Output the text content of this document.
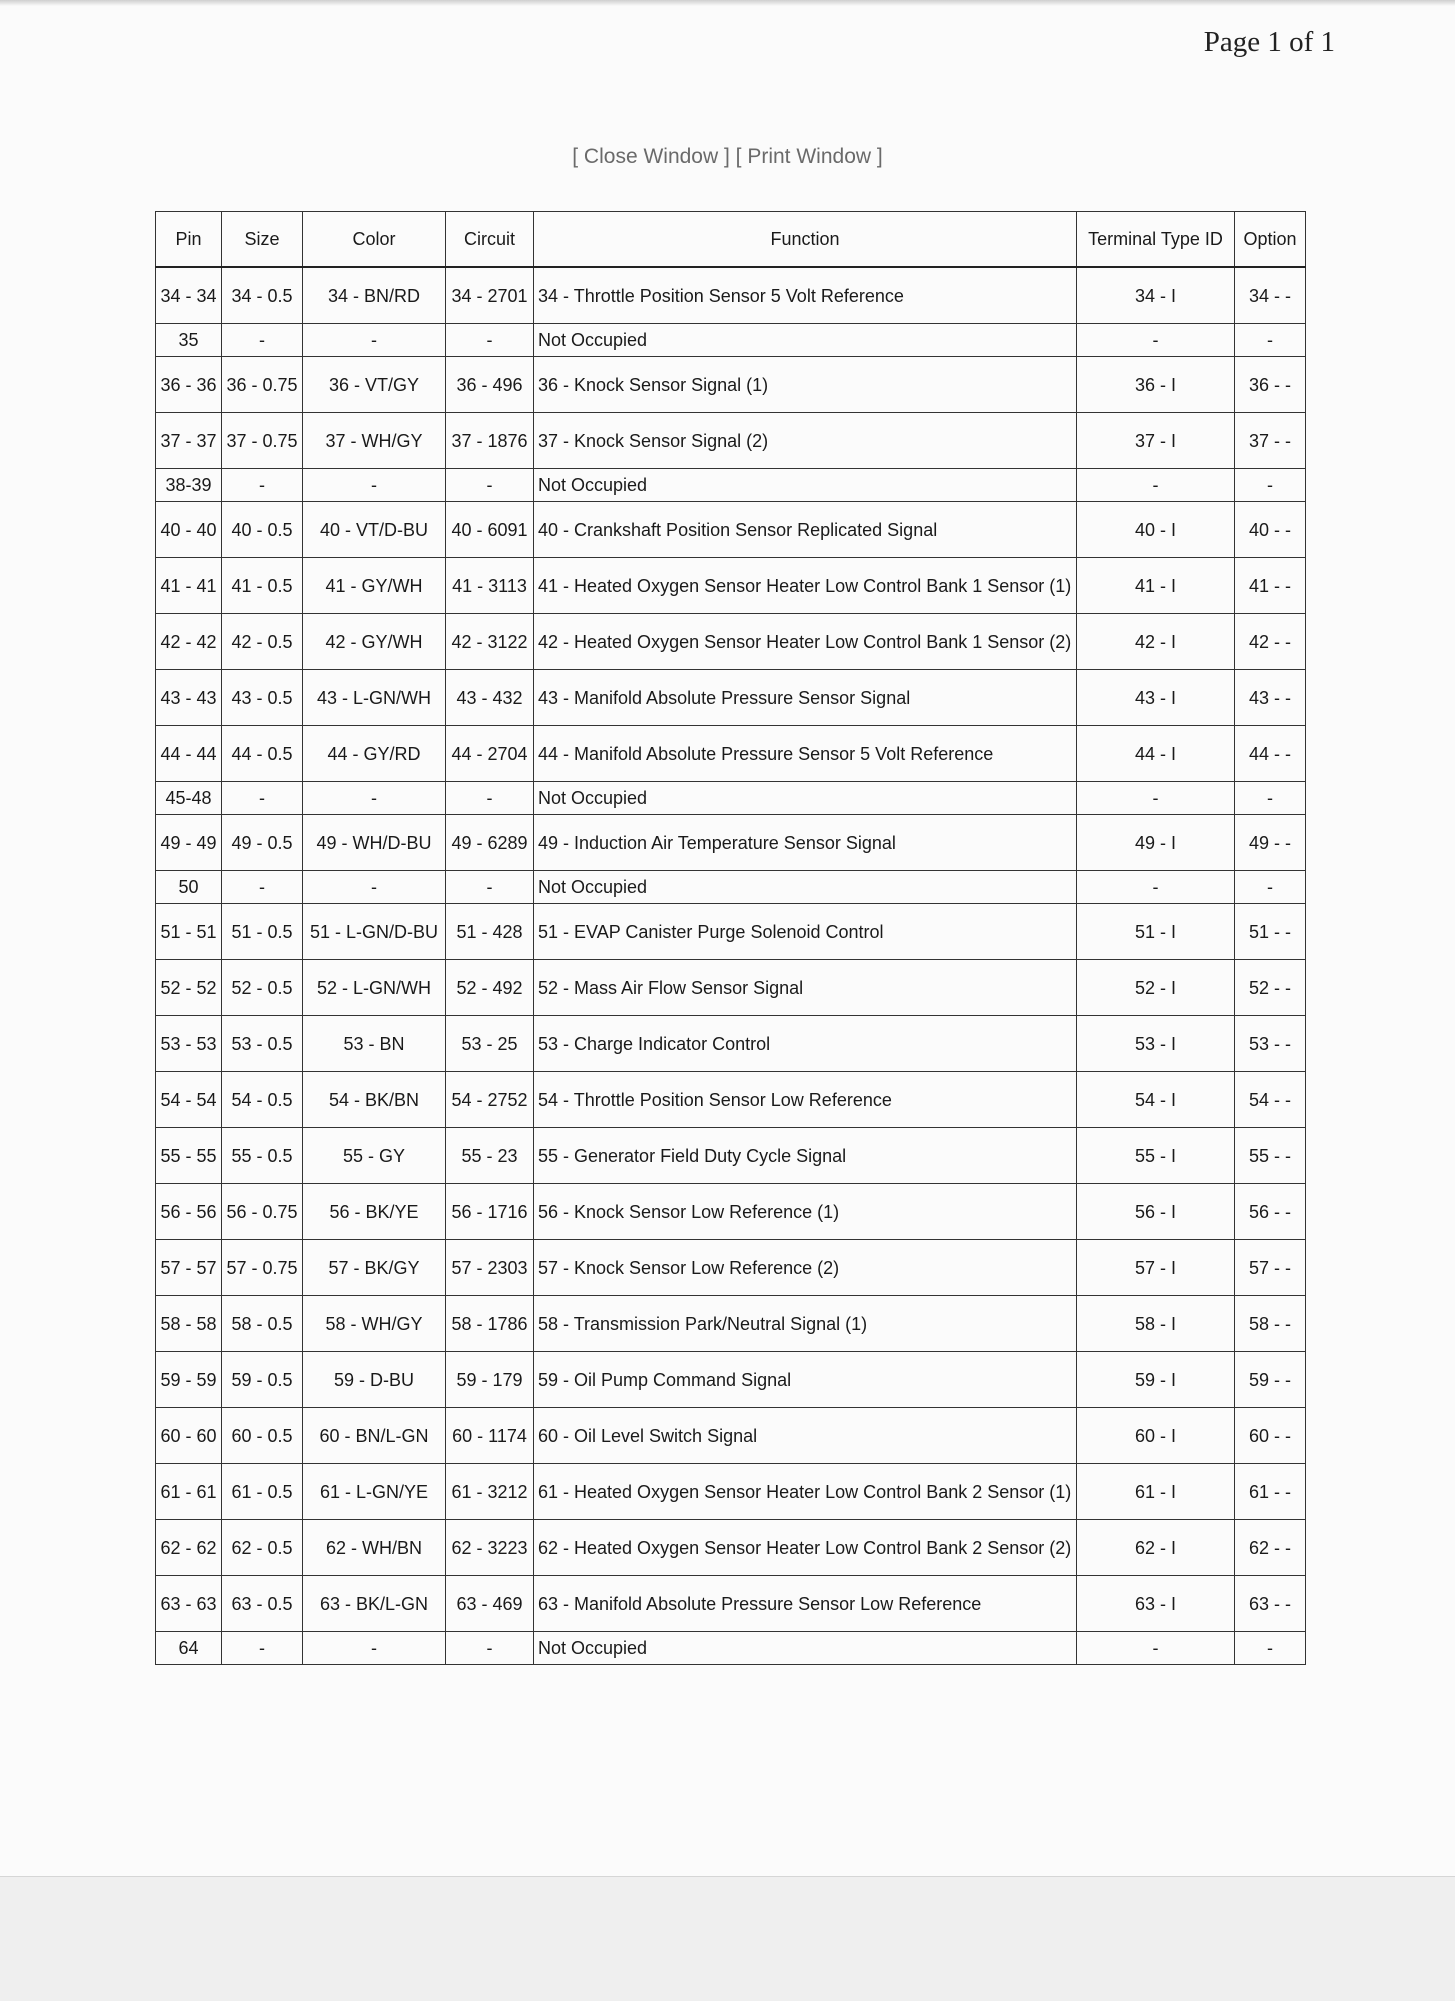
Page 1 of 1
[ Close Window ] [ Print Window ]
Pin	Size	Color	Circuit	Function	Terminal Type ID	Option
34 - 34	34 - 0.5	34 - BN/RD	34 - 2701	34 - Throttle Position Sensor 5 Volt Reference	34 - I	34 - -
35	-	-	-	Not Occupied	-	-
36 - 36	36 - 0.75	36 - VT/GY	36 - 496	36 - Knock Sensor Signal (1)	36 - I	36 - -
37 - 37	37 - 0.75	37 - WH/GY	37 - 1876	37 - Knock Sensor Signal (2)	37 - I	37 - -
38-39	-	-	-	Not Occupied	-	-
40 - 40	40 - 0.5	40 - VT/D-BU	40 - 6091	40 - Crankshaft Position Sensor Replicated Signal	40 - I	40 - -
41 - 41	41 - 0.5	41 - GY/WH	41 - 3113	41 - Heated Oxygen Sensor Heater Low Control Bank 1 Sensor (1)	41 - I	41 - -
42 - 42	42 - 0.5	42 - GY/WH	42 - 3122	42 - Heated Oxygen Sensor Heater Low Control Bank 1 Sensor (2)	42 - I	42 - -
43 - 43	43 - 0.5	43 - L-GN/WH	43 - 432	43 - Manifold Absolute Pressure Sensor Signal	43 - I	43 - -
44 - 44	44 - 0.5	44 - GY/RD	44 - 2704	44 - Manifold Absolute Pressure Sensor 5 Volt Reference	44 - I	44 - -
45-48	-	-	-	Not Occupied	-	-
49 - 49	49 - 0.5	49 - WH/D-BU	49 - 6289	49 - Induction Air Temperature Sensor Signal	49 - I	49 - -
50	-	-	-	Not Occupied	-	-
51 - 51	51 - 0.5	51 - L-GN/D-BU	51 - 428	51 - EVAP Canister Purge Solenoid Control	51 - I	51 - -
52 - 52	52 - 0.5	52 - L-GN/WH	52 - 492	52 - Mass Air Flow Sensor Signal	52 - I	52 - -
53 - 53	53 - 0.5	53 - BN	53 - 25	53 - Charge Indicator Control	53 - I	53 - -
54 - 54	54 - 0.5	54 - BK/BN	54 - 2752	54 - Throttle Position Sensor Low Reference	54 - I	54 - -
55 - 55	55 - 0.5	55 - GY	55 - 23	55 - Generator Field Duty Cycle Signal	55 - I	55 - -
56 - 56	56 - 0.75	56 - BK/YE	56 - 1716	56 - Knock Sensor Low Reference (1)	56 - I	56 - -
57 - 57	57 - 0.75	57 - BK/GY	57 - 2303	57 - Knock Sensor Low Reference (2)	57 - I	57 - -
58 - 58	58 - 0.5	58 - WH/GY	58 - 1786	58 - Transmission Park/Neutral Signal (1)	58 - I	58 - -
59 - 59	59 - 0.5	59 - D-BU	59 - 179	59 - Oil Pump Command Signal	59 - I	59 - -
60 - 60	60 - 0.5	60 - BN/L-GN	60 - 1174	60 - Oil Level Switch Signal	60 - I	60 - -
61 - 61	61 - 0.5	61 - L-GN/YE	61 - 3212	61 - Heated Oxygen Sensor Heater Low Control Bank 2 Sensor (1)	61 - I	61 - -
62 - 62	62 - 0.5	62 - WH/BN	62 - 3223	62 - Heated Oxygen Sensor Heater Low Control Bank 2 Sensor (2)	62 - I	62 - -
63 - 63	63 - 0.5	63 - BK/L-GN	63 - 469	63 - Manifold Absolute Pressure Sensor Low Reference	63 - I	63 - -
64	-	-	-	Not Occupied	-	-
